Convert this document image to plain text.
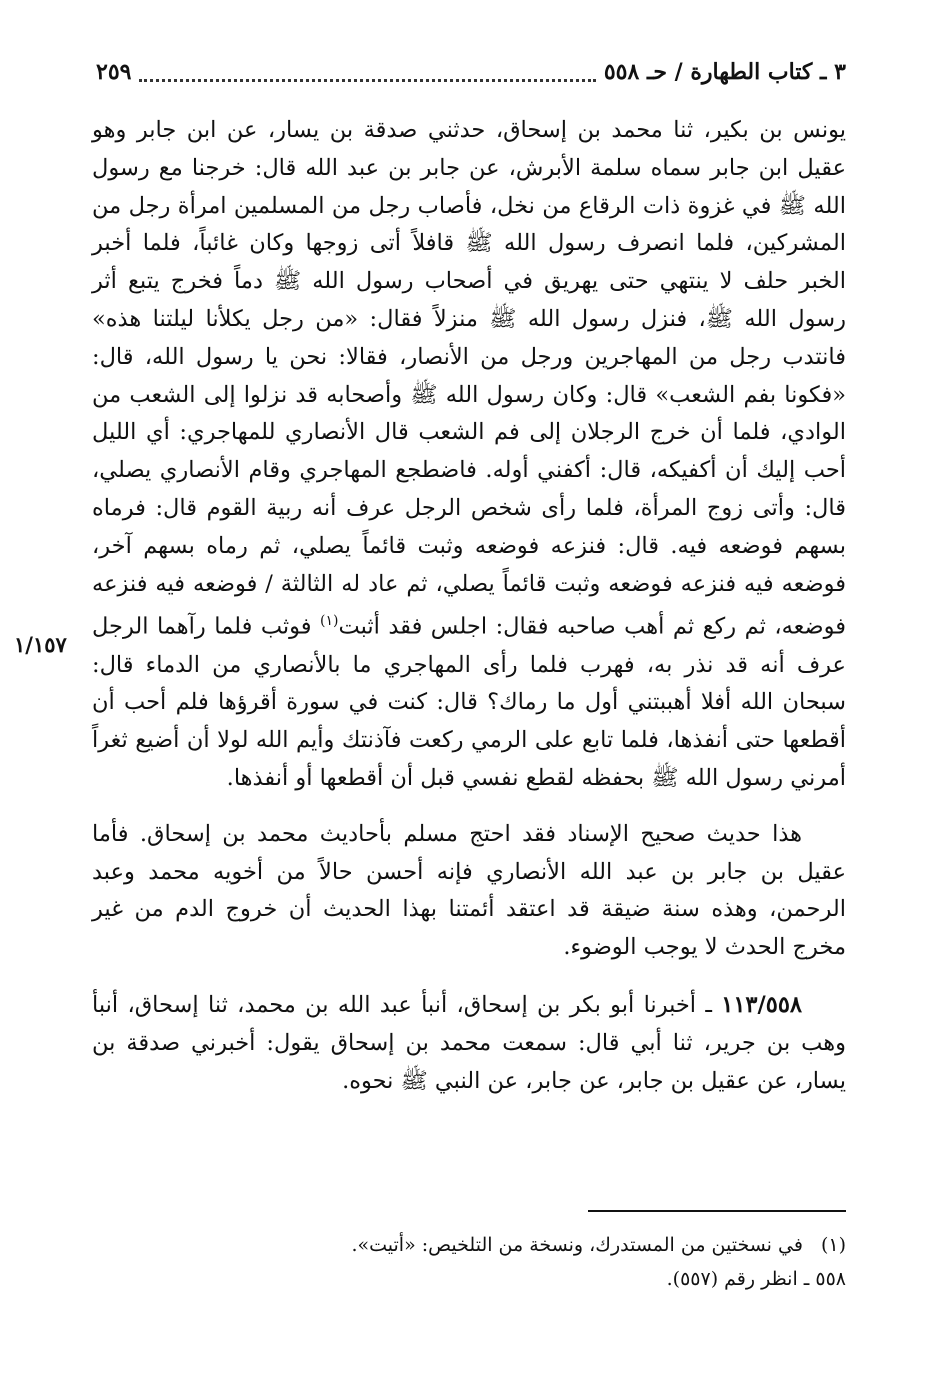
٣ ـ كتاب الطهارة / حـ ٥٥٨
٢٥٩
١/١٥٧

يونس بن بكير، ثنا محمد بن إسحاق، حدثني صدقة بن يسار، عن ابن جابر وهو عقيل ابن جابر سماه سلمة الأبرش، عن جابر بن عبد الله قال: خرجنا مع رسول الله ﷺ في غزوة ذات الرقاع من نخل، فأصاب رجل من المسلمين امرأة رجل من المشركين، فلما انصرف رسول الله ﷺ قافلاً أتى زوجها وكان غائباً، فلما أخبر الخبر حلف لا ينتهي حتى يهريق في أصحاب رسول الله ﷺ دماً فخرج يتبع أثر رسول الله ﷺ، فنزل رسول الله ﷺ منزلاً فقال: «من رجل يكلأنا ليلتنا هذه» فانتدب رجل من المهاجرين ورجل من الأنصار، فقالا: نحن يا رسول الله، قال: «فكونا بفم الشعب» قال: وكان رسول الله ﷺ وأصحابه قد نزلوا إلى الشعب من الوادي، فلما أن خرج الرجلان إلى فم الشعب قال الأنصاري للمهاجري: أي الليل أحب إليك أن أكفيكه، قال: أكفني أوله. فاضطجع المهاجري وقام الأنصاري يصلي، قال: وأتى زوج المرأة، فلما رأى شخص الرجل عرف أنه ربية القوم قال: فرماه بسهم فوضعه فيه. قال: فنزعه فوضعه وثبت قائماً يصلي، ثم رماه بسهم آخر، فوضعه فيه فنزعه فوضعه وثبت قائماً يصلي، ثم عاد له الثالثة / فوضعه فيه فنزعه فوضعه، ثم ركع ثم أهب صاحبه فقال: اجلس فقد أثبت$^{(١)}$ فوثب فلما رآهما الرجل عرف أنه قد نذر به، فهرب فلما رأى المهاجري ما بالأنصاري من الدماء قال: سبحان الله أفلا أهببتني أول ما رماك؟ قال: كنت في سورة أقرؤها فلم أحب أن أقطعها حتى أنفذها، فلما تابع على الرمي ركعت فآذنتك وأيم الله لولا أن أضيع ثغراً أمرني رسول الله ﷺ بحفظه لقطع نفسي قبل أن أقطعها أو أنفذها.

هذا حديث صحيح الإسناد فقد احتج مسلم بأحاديث محمد بن إسحاق. فأما عقيل بن جابر بن عبد الله الأنصاري فإنه أحسن حالاً من أخويه محمد وعبد الرحمن، وهذه سنة ضيقة قد اعتقد أئمتنا بهذا الحديث أن خروج الدم من غير مخرج الحدث لا يوجب الوضوء.

١١٣/٥٥٨ ـ أخبرنا أبو بكر بن إسحاق، أنبأ عبد الله بن محمد، ثنا إسحاق، أنبأ وهب بن جرير، ثنا أبي قال: سمعت محمد بن إسحاق يقول: أخبرني صدقة بن يسار، عن عقيل بن جابر، عن جابر، عن النبي ﷺ نحوه.

(١)في نسختين من المستدرك، ونسخة من التلخيص: «أتيت».
٥٥٨ ـ انظر رقم (٥٥٧).
